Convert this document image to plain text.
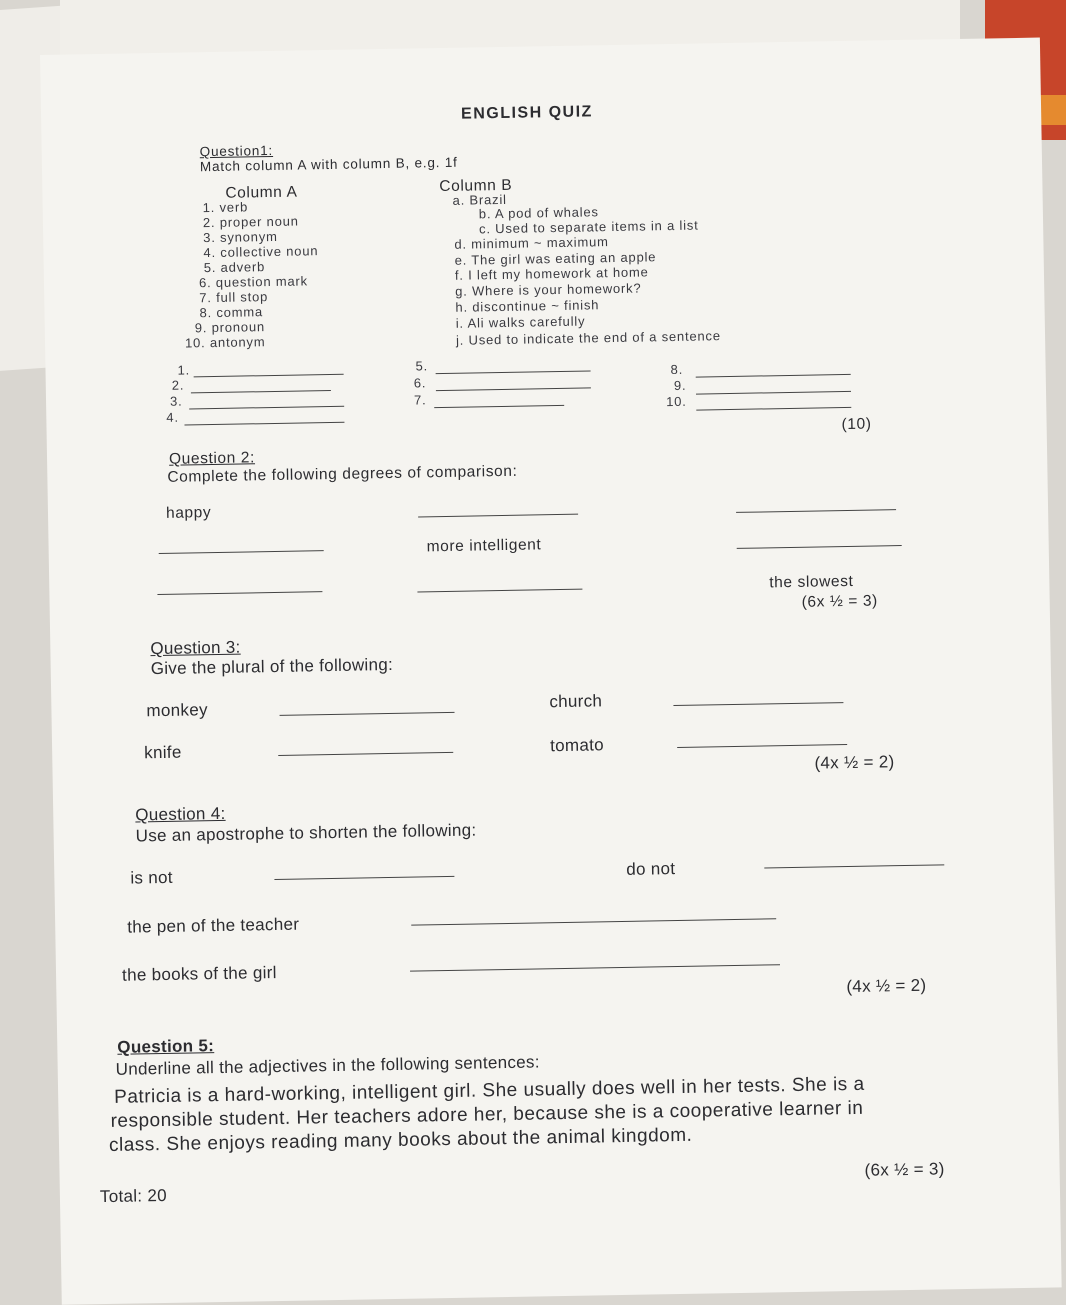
ENGLISH QUIZ
Question1:
Match column A with column B, e.g. 1f
Column A	Column B
1. verb
2. proper noun
3. synonym
4. collective noun
5. adverb
6. question mark
7. full stop
8. comma
9. pronoun
10. antonym
a. Brazil
b. A pod of whales
c. Used to separate items in a list
d. minimum ~ maximum
e. The girl was eating an apple
f. I left my homework at home
g. Where is your homework?
h. discontinue ~ finish
i. Ali walks carefully
j. Used to indicate the end of a sentence
1.
2.
3.
4.
5.
6.
7.
8.
9.
10.
(10)
Question 2:
Complete the following degrees of comparison:
happy
more intelligent
the slowest
(6x ½ = 3)
Question 3:
Give the plural of the following:
monkey	church
knife	tomato
(4x ½ = 2)
Question 4:
Use an apostrophe to shorten the following:
is not	do not
the pen of the teacher
the books of the girl
(4x ½ = 2)
Question 5:
Underline all the adjectives in the following sentences:
Patricia is a hard-working, intelligent girl. She usually does well in her tests. She is a
responsible student. Her teachers adore her, because she is a cooperative learner in
class. She enjoys reading many books about the animal kingdom.
(6x ½ = 3)
Total: 20
